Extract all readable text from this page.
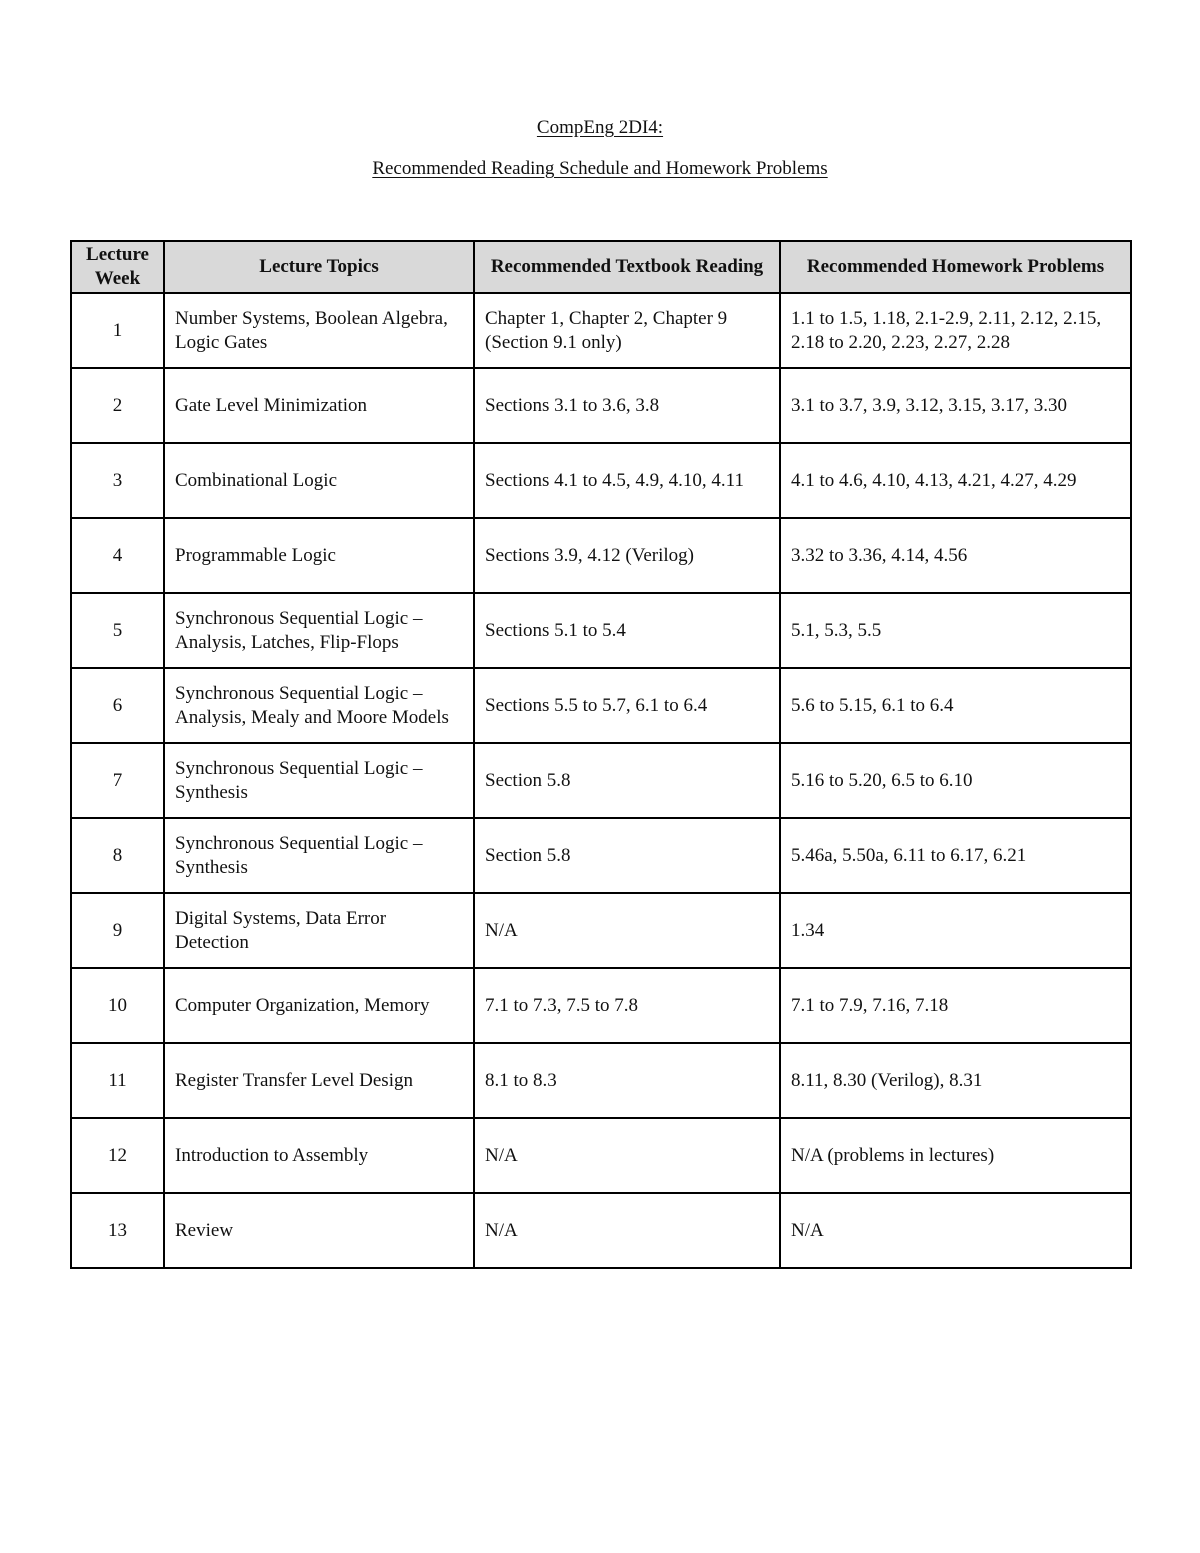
CompEng 2DI4:
Recommended Reading Schedule and Homework Problems
Lecture Week	Lecture Topics	Recommended Textbook Reading	Recommended Homework Problems
1	Number Systems, Boolean Algebra, Logic Gates	Chapter 1, Chapter 2, Chapter 9 (Section 9.1 only)	1.1 to 1.5, 1.18, 2.1-2.9, 2.11, 2.12, 2.15, 2.18 to 2.20, 2.23, 2.27, 2.28
2	Gate Level Minimization	Sections 3.1 to 3.6, 3.8	3.1 to 3.7, 3.9, 3.12, 3.15, 3.17, 3.30
3	Combinational Logic	Sections 4.1 to 4.5, 4.9, 4.10, 4.11	4.1 to 4.6, 4.10, 4.13, 4.21, 4.27, 4.29
4	Programmable Logic	Sections 3.9, 4.12 (Verilog)	3.32 to 3.36, 4.14, 4.56
5	Synchronous Sequential Logic – Analysis, Latches, Flip-Flops	Sections 5.1 to 5.4	5.1, 5.3, 5.5
6	Synchronous Sequential Logic – Analysis, Mealy and Moore Models	Sections 5.5 to 5.7, 6.1 to 6.4	5.6 to 5.15, 6.1 to 6.4
7	Synchronous Sequential Logic – Synthesis	Section 5.8	5.16 to 5.20, 6.5 to 6.10
8	Synchronous Sequential Logic – Synthesis	Section 5.8	5.46a, 5.50a, 6.11 to 6.17, 6.21
9	Digital Systems, Data Error Detection	N/A	1.34
10	Computer Organization, Memory	7.1 to 7.3, 7.5 to 7.8	7.1 to 7.9, 7.16, 7.18
11	Register Transfer Level Design	8.1 to 8.3	8.11, 8.30 (Verilog), 8.31
12	Introduction to Assembly	N/A	N/A (problems in lectures)
13	Review	N/A	N/A
